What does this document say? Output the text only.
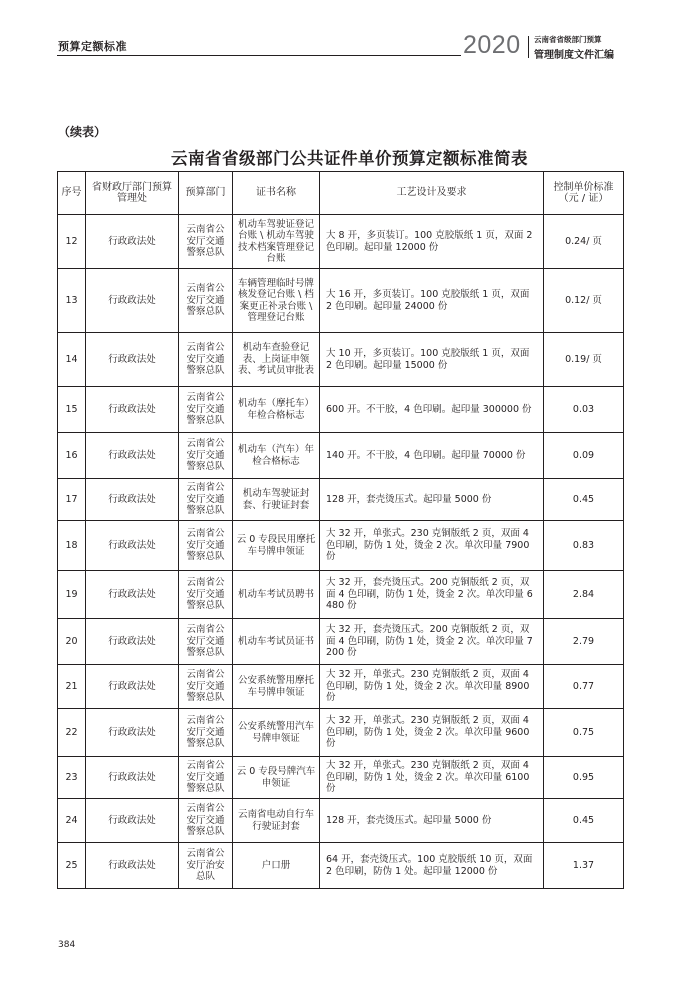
预算定额标准	2020 云南省省级部门预算
管理制度文件汇编
（续表）
云南省省级部门公共证件单价预算定额标准简表
序号	省财政厅部门预算管理处	预算部门	证书名称	工艺设计及要求	控制单价标准（元 / 证）
12	行政政法处	云南省公安厅交通警察总队	机动车驾驶证登记台账 \ 机动车驾驶技术档案管理登记台账	大 8 开，多页装订。100 克胶版纸 1 页，双面 2 色印刷。起印量 12000 份	0.24/ 页
13	行政政法处	云南省公安厅交通警察总队	车辆管理临时号牌核发登记台账 \ 档案更正补录台账 \ 管理登记台账	大 16 开，多页装订。100 克胶版纸 1 页，双面 2 色印刷。起印量 24000 份	0.12/ 页
14	行政政法处	云南省公安厅交通警察总队	机动车查验登记表、上岗证申领表、考试员审批表	大 10 开，多页装订。100 克胶版纸 1 页，双面 2 色印刷。起印量 15000 份	0.19/ 页
15	行政政法处	云南省公安厅交通警察总队	机动车（摩托车）年检合格标志	600 开。不干胶，4 色印刷。起印量 300000 份	0.03
16	行政政法处	云南省公安厅交通警察总队	机动车（汽车）年检合格标志	140 开。不干胶，4 色印刷。起印量 70000 份	0.09
17	行政政法处	云南省公安厅交通警察总队	机动车驾驶证封套、行驶证封套	128 开，套壳烫压式。起印量 5000 份	0.45
18	行政政法处	云南省公安厅交通警察总队	云 0 专段民用摩托车号牌申领证	大 32 开，单张式。230 克铜版纸 2 页，双面 4 色印刷，防伪 1 处，烫金 2 次。单次印量 7900 份	0.83
19	行政政法处	云南省公安厅交通警察总队	机动车考试员聘书	大 32 开，套壳烫压式。200 克铜版纸 2 页，双面 4 色印刷，防伪 1 处，烫金 2 次。单次印量 6480 份	2.84
20	行政政法处	云南省公安厅交通警察总队	机动车考试员证书	大 32 开，套壳烫压式。200 克铜版纸 2 页，双面 4 色印刷，防伪 1 处，烫金 2 次。单次印量 7200 份	2.79
21	行政政法处	云南省公安厅交通警察总队	公安系统警用摩托车号牌申领证	大 32 开，单张式。230 克铜版纸 2 页，双面 4 色印刷，防伪 1 处，烫金 2 次。单次印量 8900 份	0.77
22	行政政法处	云南省公安厅交通警察总队	公安系统警用汽车号牌申领证	大 32 开，单张式。230 克铜版纸 2 页，双面 4 色印刷，防伪 1 处，烫金 2 次。单次印量 9600 份	0.75
23	行政政法处	云南省公安厅交通警察总队	云 0 专段号牌汽车申领证	大 32 开，单张式。230 克铜版纸 2 页，双面 4 色印刷，防伪 1 处，烫金 2 次。单次印量 6100 份	0.95
24	行政政法处	云南省公安厅交通警察总队	云南省电动自行车行驶证封套	128 开，套壳烫压式。起印量 5000 份	0.45
25	行政政法处	云南省公安厅治安总队	户口册	64 开，套壳烫压式。100 克胶版纸 10 页，双面 2 色印刷，防伪 1 处。起印量 12000 份	1.37
384
